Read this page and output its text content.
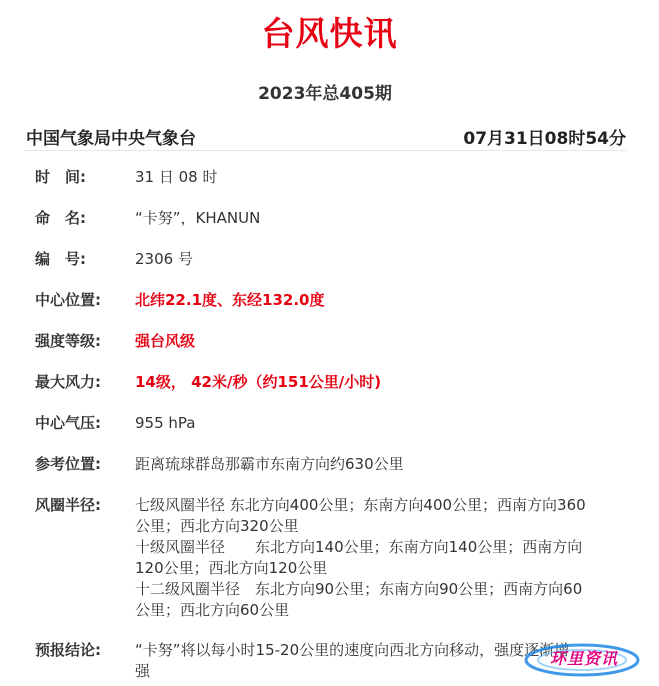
台风快讯
2023年总405期
中国气象局中央气象台	07月31日08时54分
时　间:	31 日 08 时
命　名:	“卡努”，KHANUN
编　号:	2306 号
中心位置:	北纬22.1度、东经132.0度
强度等级:	强台风级
最大风力:	14级， 42米/秒（约151公里/小时)
中心气压:	955 hPa
参考位置:	距离琉球群岛那霸市东南方向约630公里
风圈半径:	七级风圈半径 东北方向400公里；东南方向400公里；西南方向360
公里；西北方向320公里
十级风圈半径　　东北方向140公里；东南方向140公里；西南方向
120公里；西北方向120公里
十二级风圈半径　东北方向90公里；东南方向90公里；西南方向60
公里；西北方向60公里
预报结论:	“卡努”将以每小时15-20公里的速度向西北方向移动，强度逐渐增
强
环里资讯
